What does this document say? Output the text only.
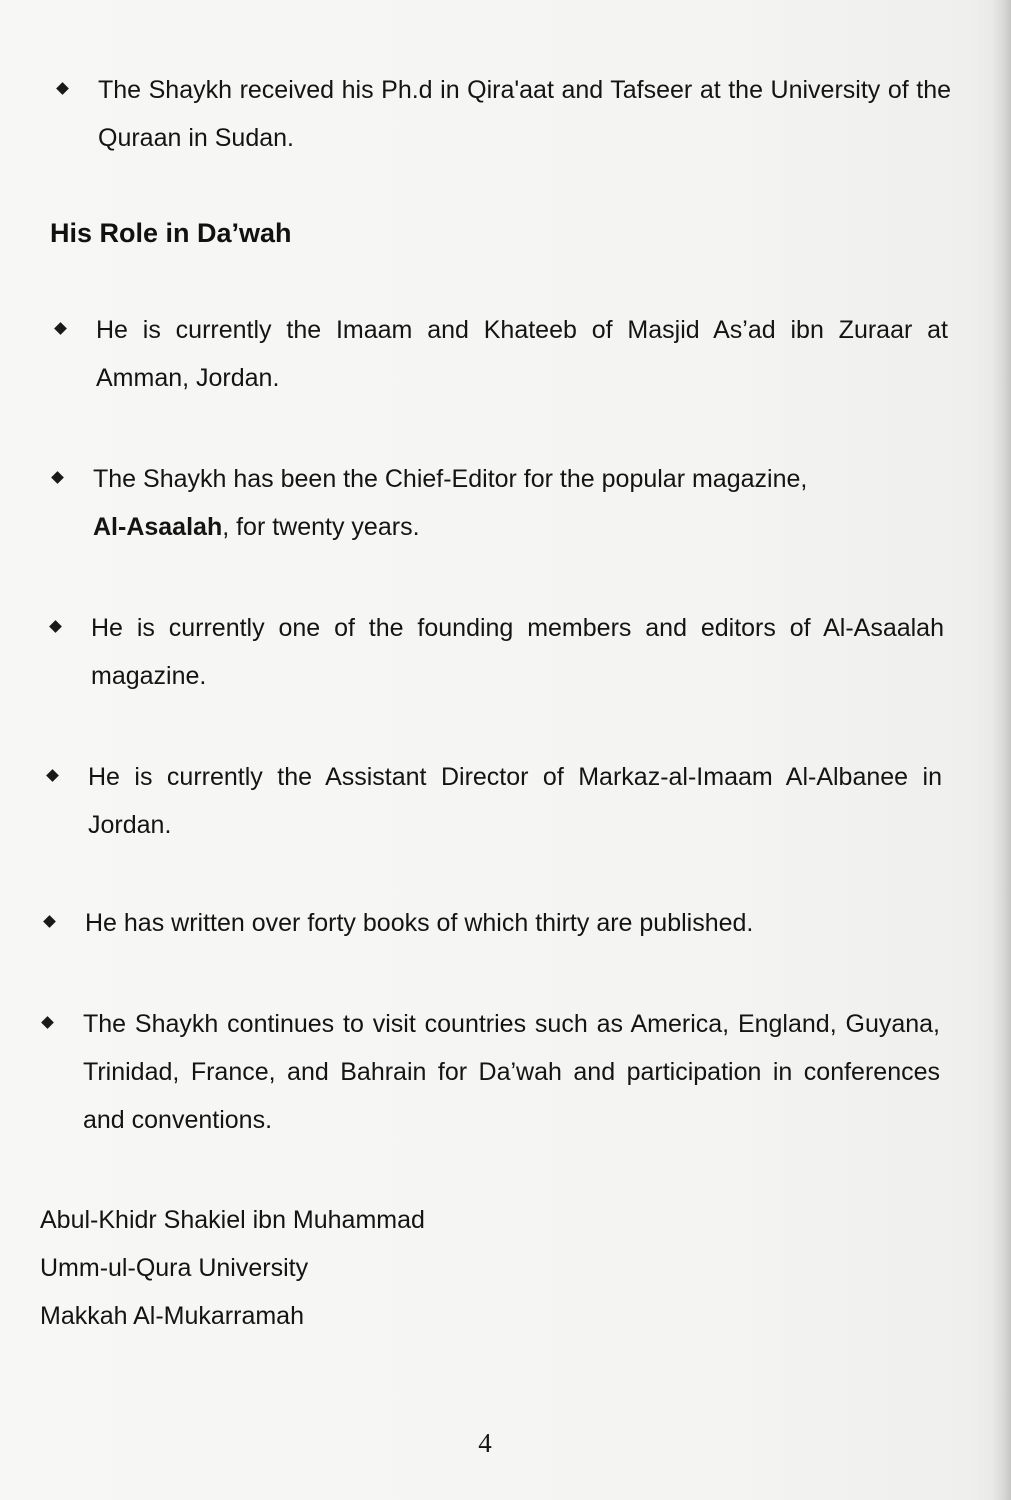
The Shaykh received his Ph.d in Qira'aat and Tafseer at the University of the Quraan in Sudan.
His Role in Da’wah
He is currently the Imaam and Khateeb of Masjid As’ad ibn Zuraar at Amman, Jordan.
The Shaykh has been the Chief-Editor for the popular magazine,
Al-Asaalah, for twenty years.
He is currently one of the founding members and editors of Al-Asaalah magazine.
He is currently the Assistant Director of Markaz-al-Imaam Al-Albanee in Jordan.
He has written over forty books of which thirty are published.
The Shaykh continues to visit countries such as America, England, Guyana, Trinidad, France, and Bahrain for Da’wah and participation in conferences and conventions.
Abul-Khidr Shakiel ibn Muhammad
Umm-ul-Qura University
Makkah Al-Mukarramah
4
